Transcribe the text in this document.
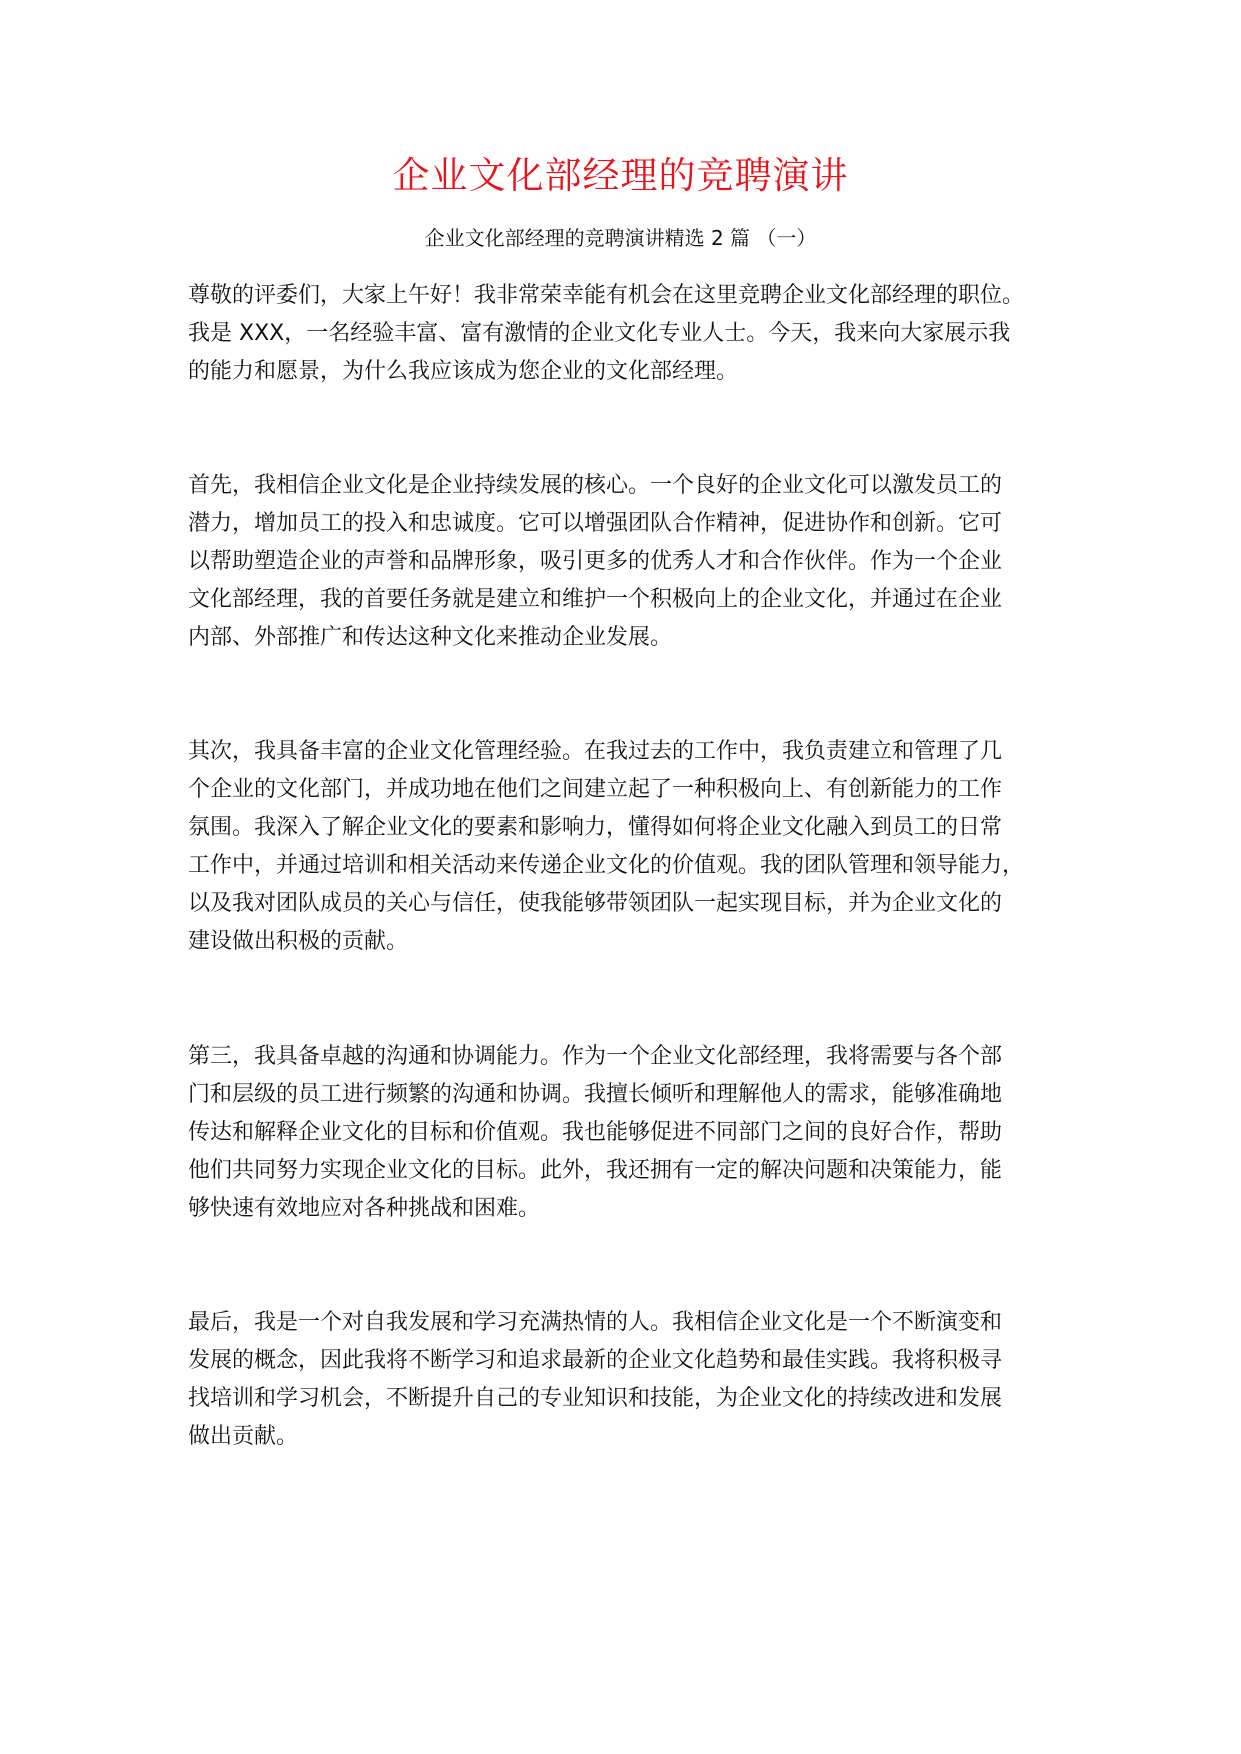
企业文化部经理的竞聘演讲
企业文化部经理的竞聘演讲精选 2 篇 （一）
尊敬的评委们，大家上午好！我非常荣幸能有机会在这里竞聘企业文化部经理的职位。
我是 XXX，一名经验丰富、富有激情的企业文化专业人士。今天，我来向大家展示我
的能力和愿景，为什么我应该成为您企业的文化部经理。
首先，我相信企业文化是企业持续发展的核心。一个良好的企业文化可以激发员工的
潜力，增加员工的投入和忠诚度。它可以增强团队合作精神，促进协作和创新。它可
以帮助塑造企业的声誉和品牌形象，吸引更多的优秀人才和合作伙伴。作为一个企业
文化部经理，我的首要任务就是建立和维护一个积极向上的企业文化，并通过在企业
内部、外部推广和传达这种文化来推动企业发展。
其次，我具备丰富的企业文化管理经验。在我过去的工作中，我负责建立和管理了几
个企业的文化部门，并成功地在他们之间建立起了一种积极向上、有创新能力的工作
氛围。我深入了解企业文化的要素和影响力，懂得如何将企业文化融入到员工的日常
工作中，并通过培训和相关活动来传递企业文化的价值观。我的团队管理和领导能力，
以及我对团队成员的关心与信任，使我能够带领团队一起实现目标，并为企业文化的
建设做出积极的贡献。
第三，我具备卓越的沟通和协调能力。作为一个企业文化部经理，我将需要与各个部
门和层级的员工进行频繁的沟通和协调。我擅长倾听和理解他人的需求，能够准确地
传达和解释企业文化的目标和价值观。我也能够促进不同部门之间的良好合作，帮助
他们共同努力实现企业文化的目标。此外，我还拥有一定的解决问题和决策能力，能
够快速有效地应对各种挑战和困难。
最后，我是一个对自我发展和学习充满热情的人。我相信企业文化是一个不断演变和
发展的概念，因此我将不断学习和追求最新的企业文化趋势和最佳实践。我将积极寻
找培训和学习机会，不断提升自己的专业知识和技能，为企业文化的持续改进和发展
做出贡献。
